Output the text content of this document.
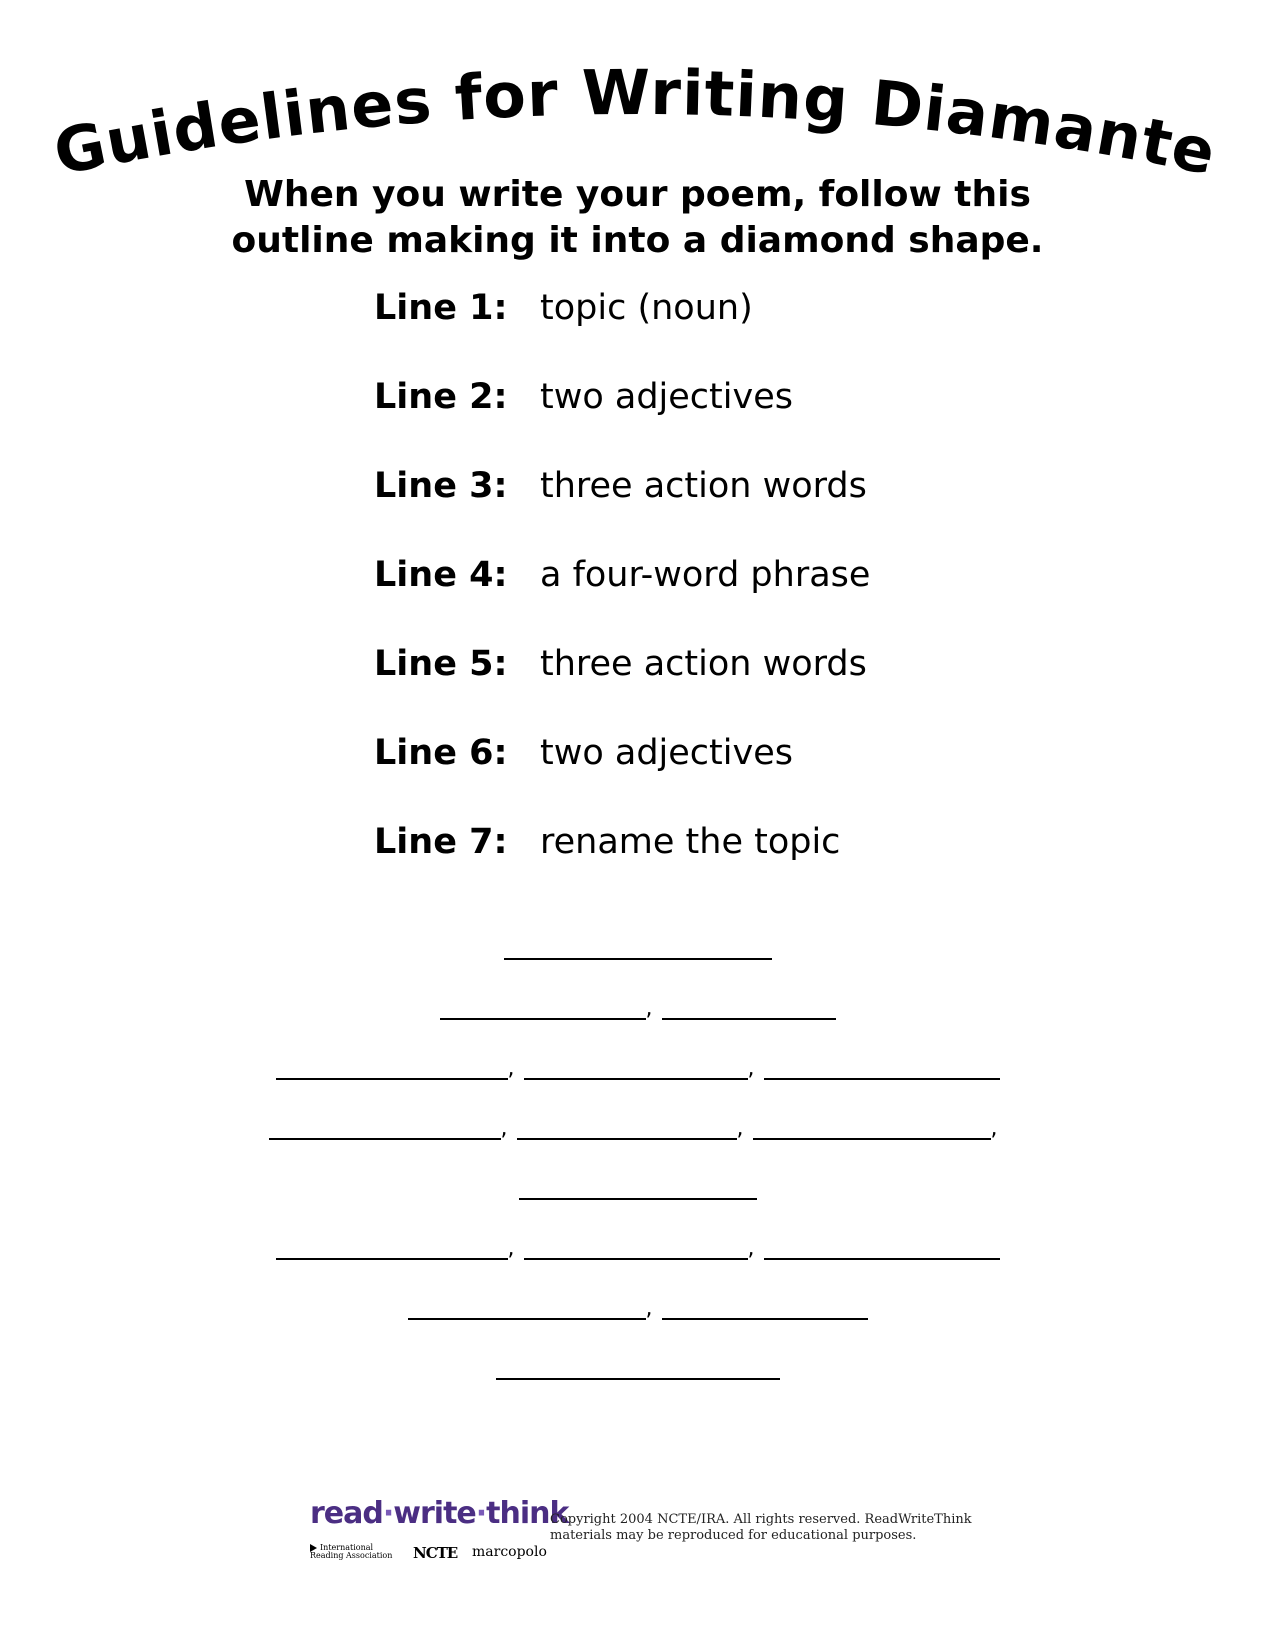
Guidelines for Writing Diamante
When you write your poem, follow this
outline making it into a diamond shape.
Line 1: topic (noun)
Line 2: two adjectives
Line 3: three action words
Line 4: a four-word phrase
Line 5: three action words
Line 6: two adjectives
Line 7: rename the topic
,
,	,
,	,	,
,	,
,
read·write·think
International Reading Association	NCTE marcopolo
Copyright 2004 NCTE/IRA. All rights reserved. ReadWriteThink
materials may be reproduced for educational purposes.
